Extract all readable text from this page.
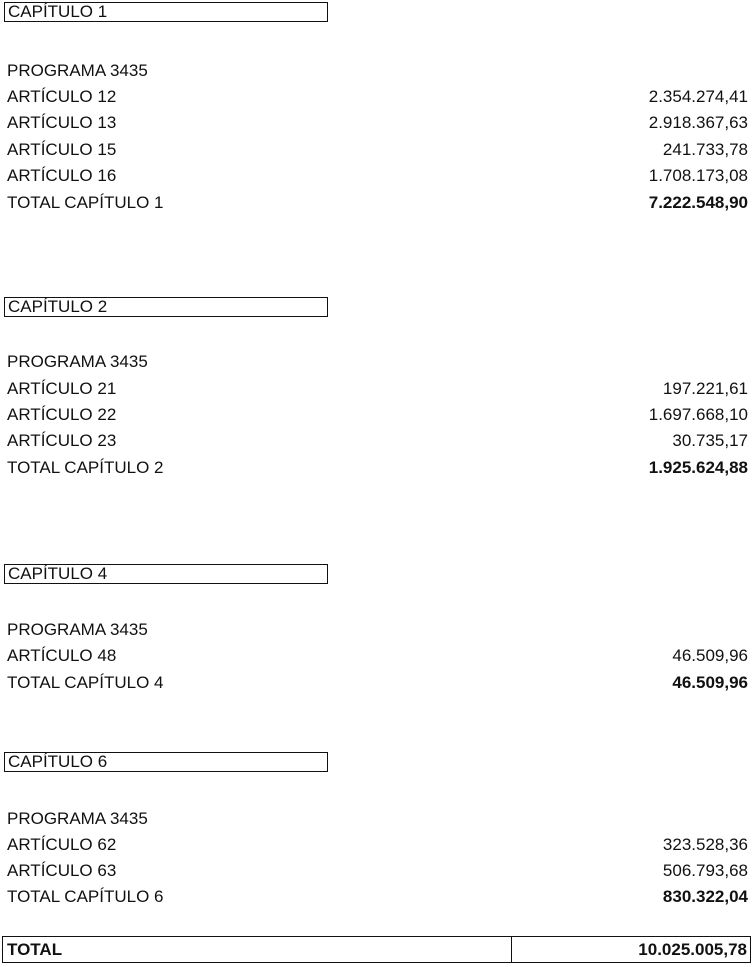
CAPÍTULO 1
PROGRAMA 3435
ARTÍCULO 12	2.354.274,41
ARTÍCULO 13	2.918.367,63
ARTÍCULO 15	241.733,78
ARTÍCULO 16	1.708.173,08
TOTAL CAPÍTULO 1	7.222.548,90
CAPÍTULO 2
PROGRAMA 3435
ARTÍCULO 21	197.221,61
ARTÍCULO 22	1.697.668,10
ARTÍCULO 23	30.735,17
TOTAL CAPÍTULO 2	1.925.624,88
CAPÍTULO 4
PROGRAMA 3435
ARTÍCULO 48	46.509,96
TOTAL CAPÍTULO 4	46.509,96
CAPÍTULO 6
PROGRAMA 3435
ARTÍCULO 62	323.528,36
ARTÍCULO 63	506.793,68
TOTAL CAPÍTULO 6	830.322,04
TOTAL	10.025.005,78
